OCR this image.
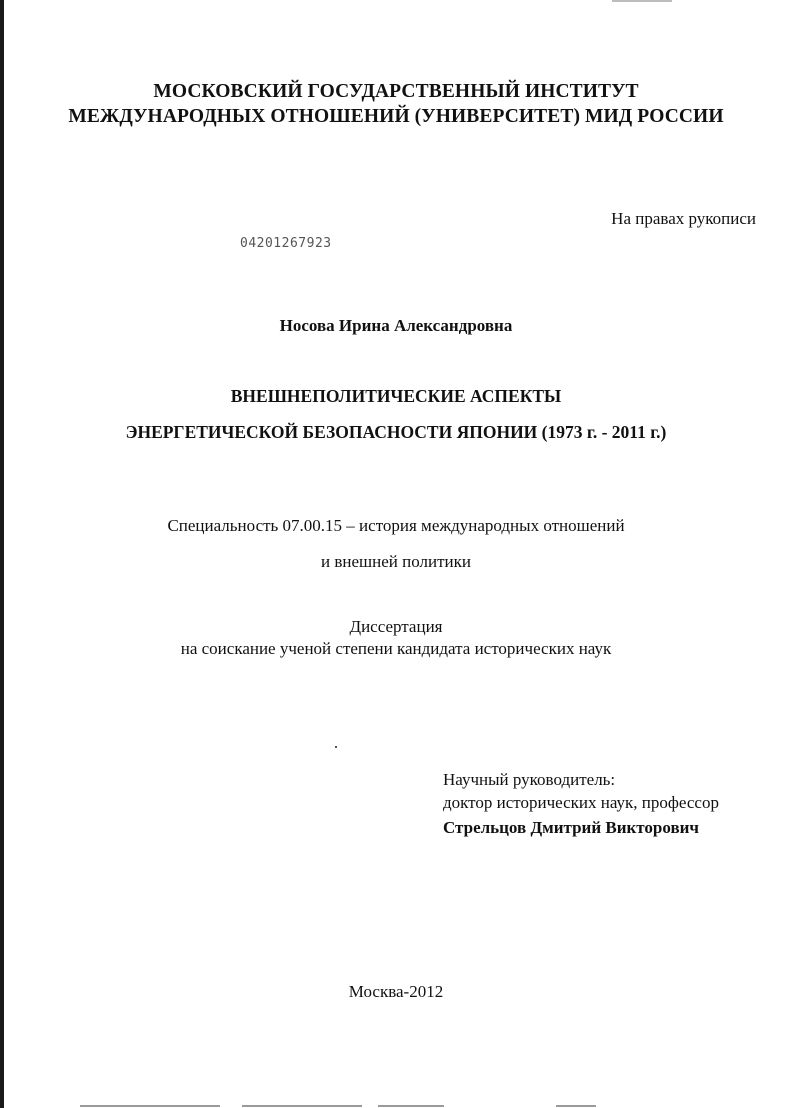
МОСКОВСКИЙ ГОСУДАРСТВЕННЫЙ ИНСТИТУТ
МЕЖДУНАРОДНЫХ ОТНОШЕНИЙ (УНИВЕРСИТЕТ) МИД РОССИИ
На правах рукописи
04201267923
Носова Ирина Александровна
ВНЕШНЕПОЛИТИЧЕСКИЕ АСПЕКТЫ
ЭНЕРГЕТИЧЕСКОЙ БЕЗОПАСНОСТИ ЯПОНИИ (1973 г. - 2011 г.)
Специальность 07.00.15 – история международных отношений
и внешней политики
Диссертация
на соискание ученой степени кандидата исторических наук
Научный руководитель:
доктор исторических наук, профессор
Стрельцов Дмитрий Викторович
Москва-2012
